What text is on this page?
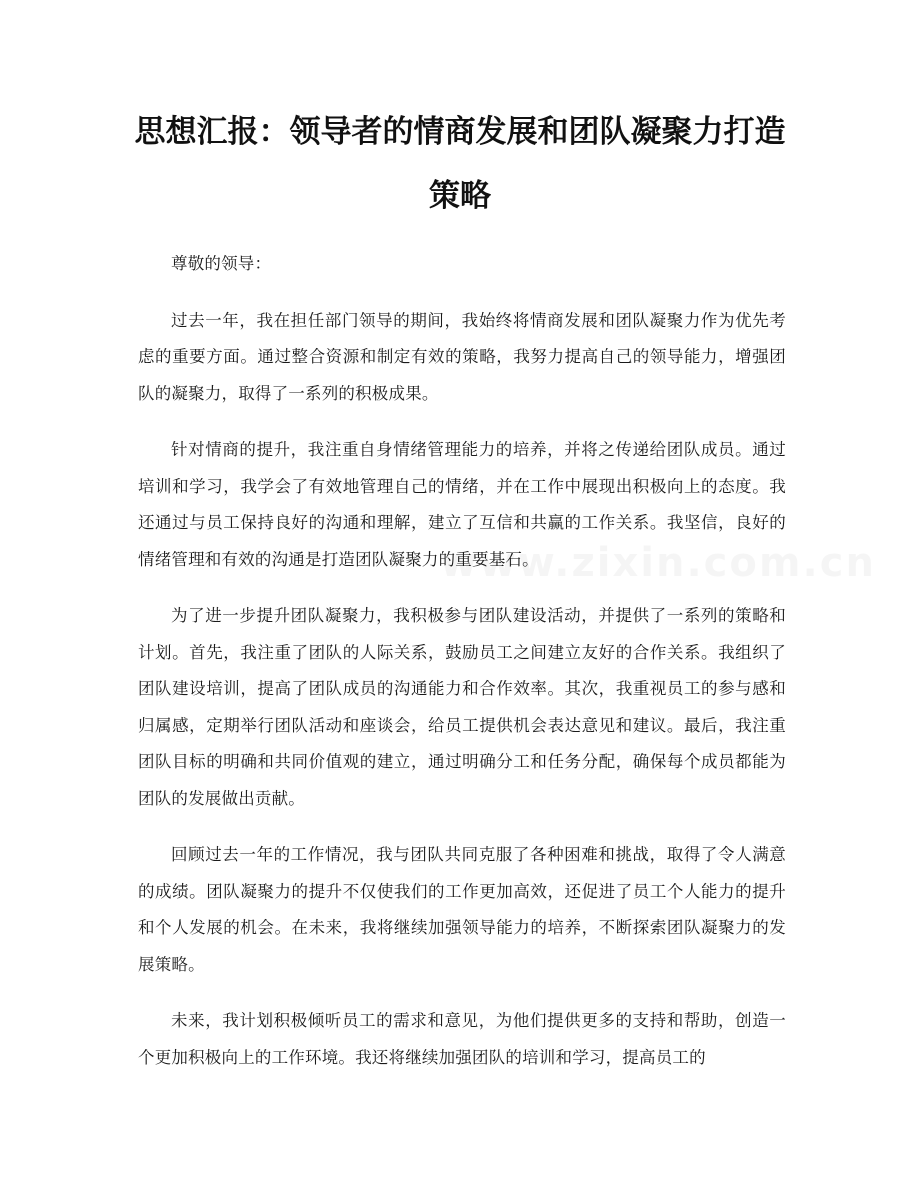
思想汇报：领导者的情商发展和团队凝聚力打造策略

尊敬的领导：

过去一年，我在担任部门领导的期间，我始终将情商发展和团队凝聚力作为优先考虑的重要方面。通过整合资源和制定有效的策略，我努力提高自己的领导能力，增强团队的凝聚力，取得了一系列的积极成果。

针对情商的提升，我注重自身情绪管理能力的培养，并将之传递给团队成员。通过培训和学习，我学会了有效地管理自己的情绪，并在工作中展现出积极向上的态度。我还通过与员工保持良好的沟通和理解，建立了互信和共赢的工作关系。我坚信，良好的情绪管理和有效的沟通是打造团队凝聚力的重要基石。

为了进一步提升团队凝聚力，我积极参与团队建设活动，并提供了一系列的策略和计划。首先，我注重了团队的人际关系，鼓励员工之间建立友好的合作关系。我组织了团队建设培训，提高了团队成员的沟通能力和合作效率。其次，我重视员工的参与感和归属感，定期举行团队活动和座谈会，给员工提供机会表达意见和建议。最后，我注重团队目标的明确和共同价值观的建立，通过明确分工和任务分配，确保每个成员都能为团队的发展做出贡献。

回顾过去一年的工作情况，我与团队共同克服了各种困难和挑战，取得了令人满意的成绩。团队凝聚力的提升不仅使我们的工作更加高效，还促进了员工个人能力的提升和个人发展的机会。在未来，我将继续加强领导能力的培养，不断探索团队凝聚力的发展策略。

未来，我计划积极倾听员工的需求和意见，为他们提供更多的支持和帮助，创造一个更加积极向上的工作环境。我还将继续加强团队的培训和学习，提高员工的
